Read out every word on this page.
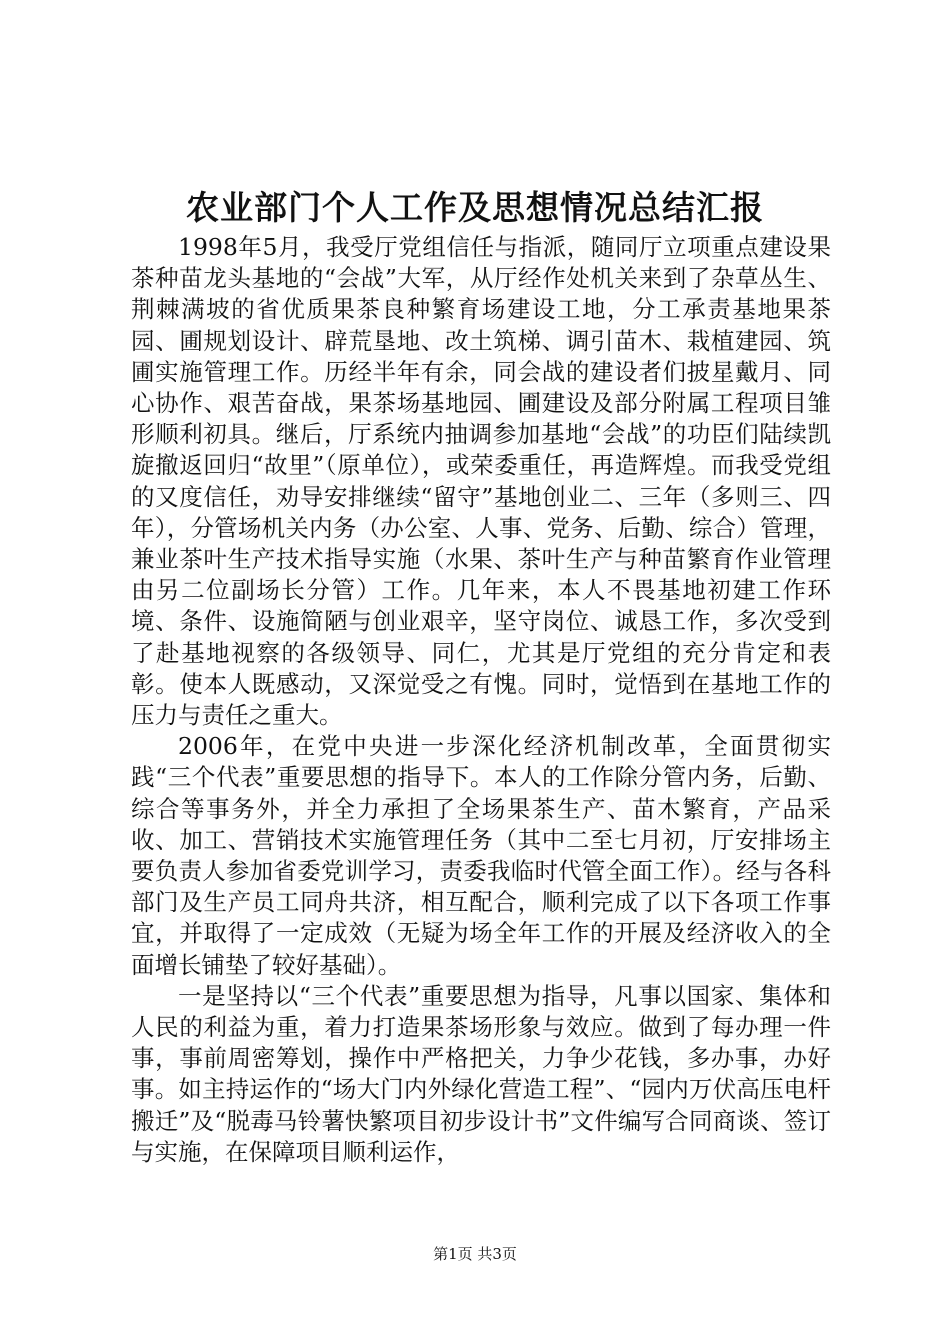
农业部门个人工作及思想情况总结汇报

1998年5月，我受厅党组信任与指派，随同厅立项重点建设果茶种苗龙头基地的“会战”大军，从厅经作处机关来到了杂草丛生、荆棘满坡的省优质果茶良种繁育场建设工地，分工承责基地果茶园、圃规划设计、辟荒垦地、改土筑梯、调引苗木、栽植建园、筑圃实施管理工作。历经半年有余，同会战的建设者们披星戴月、同心协作、艰苦奋战，果茶场基地园、圃建设及部分附属工程项目雏形顺利初具。继后，厅系统内抽调参加基地“会战”的功臣们陆续凯旋撤返回归“故里”（原单位），或荣委重任，再造辉煌。而我受党组的又度信任，劝导安排继续“留守”基地创业二、三年（多则三、四年），分管场机关内务（办公室、人事、党务、后勤、综合）管理，兼业茶叶生产技术指导实施（水果、茶叶生产与种苗繁育作业管理由另二位副场长分管）工作。几年来，本人不畏基地初建工作环境、条件、设施简陋与创业艰辛，坚守岗位、诚恳工作，多次受到了赴基地视察的各级领导、同仁，尤其是厅党组的充分肯定和表彰。使本人既感动，又深觉受之有愧。同时，觉悟到在基地工作的压力与责任之重大。

2006年，在党中央进一步深化经济机制改革，全面贯彻实践“三个代表”重要思想的指导下。本人的工作除分管内务，后勤、综合等事务外，并全力承担了全场果茶生产、苗木繁育，产品采收、加工、营销技术实施管理任务（其中二至七月初，厅安排场主要负责人参加省委党训学习，责委我临时代管全面工作）。经与各科部门及生产员工同舟共济，相互配合，顺利完成了以下各项工作事宜，并取得了一定成效（无疑为场全年工作的开展及经济收入的全面增长铺垫了较好基础）。

一是坚持以“三个代表”重要思想为指导，凡事以国家、集体和人民的利益为重，着力打造果茶场形象与效应。做到了每办理一件事，事前周密筹划，操作中严格把关，力争少花钱，多办事，办好事。如主持运作的“场大门内外绿化营造工程”、“园内万伏高压电杆搬迁”及“脱毒马铃薯快繁项目初步设计书”文件编写合同商谈、签订与实施，在保障项目顺利运作，

第1页 共3页
